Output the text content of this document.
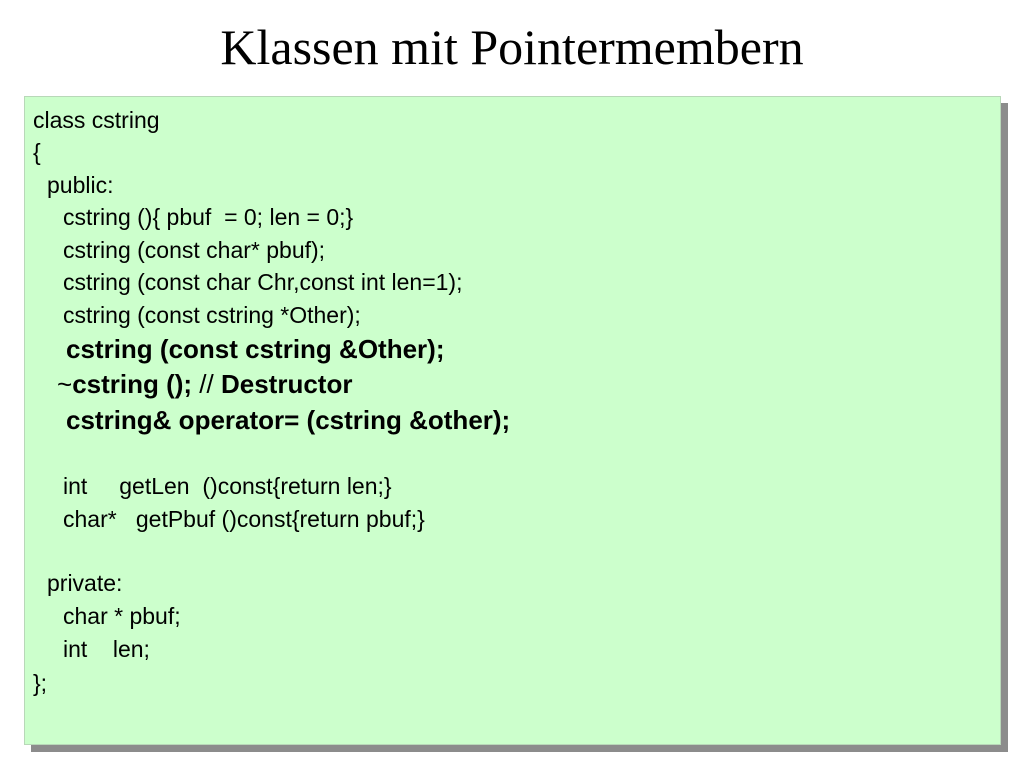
Klassen mit Pointermembern
class cstring
{
public:
cstring (){ pbuf  = 0; len = 0;}
cstring (const char* pbuf);
cstring (const char Chr,const int len=1);
cstring (const cstring *Other);
cstring (const cstring &Other);
~cstring (); // Destructor
cstring& operator= (cstring &other);
int     getLen  ()const{return len;}
char*   getPbuf ()const{return pbuf;}
private:
char * pbuf;
int    len;
};
